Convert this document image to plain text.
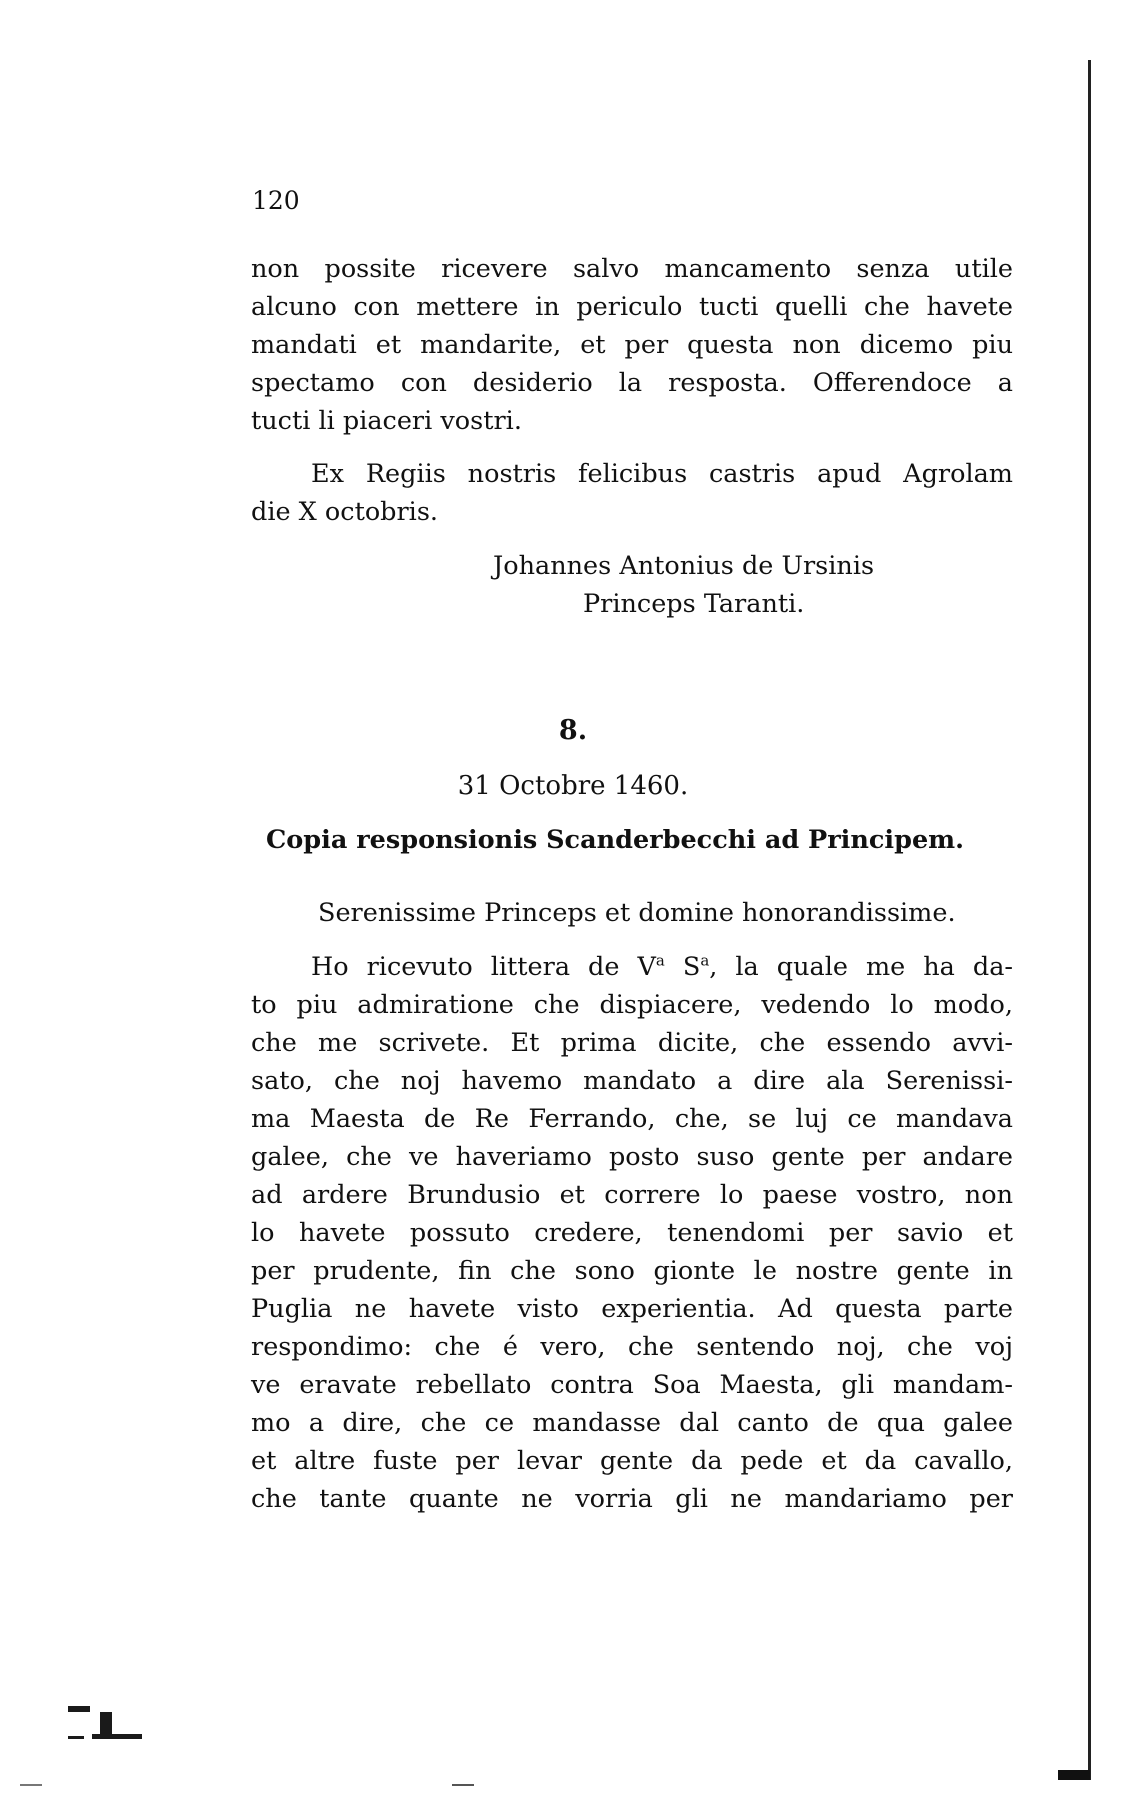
120
non possite ricevere salvo mancamento senza utile
alcuno con mettere in periculo tucti quelli che havete
mandati et mandarite, et per questa non dicemo piu
spectamo con desiderio la resposta. Offerendoce a
tucti li piaceri vostri.
Ex Regiis nostris felicibus castris apud Agrolam
die X octobris.
Johannes Antonius de Ursinis
Princeps Taranti.
8.
31 Octobre 1460.
Copia responsionis Scanderbecchi ad Principem.
Serenissime Princeps et domine honorandissime.
Ho ricevuto littera de $V^a$ $S^a$, la quale me ha da-
to piu admiratione che dispiacere, vedendo lo modo,
che me scrivete. Et prima dicite, che essendo avvi-
sato, che noj havemo mandato a dire ala Serenissi-
ma Maesta de Re Ferrando, che, se luj ce mandava
galee, che ve haveriamo posto suso gente per andare
ad ardere Brundusio et correre lo paese vostro, non
lo havete possuto credere, tenendomi per savio et
per prudente, fin che sono gionte le nostre gente in
Puglia ne havete visto experientia. Ad questa parte
respondimo: che é vero, che sentendo noj, che voj
ve eravate rebellato contra Soa Maesta, gli mandam-
mo a dire, che ce mandasse dal canto de qua galee
et altre fuste per levar gente da pede et da cavallo,
che tante quante ne vorria gli ne mandariamo per
